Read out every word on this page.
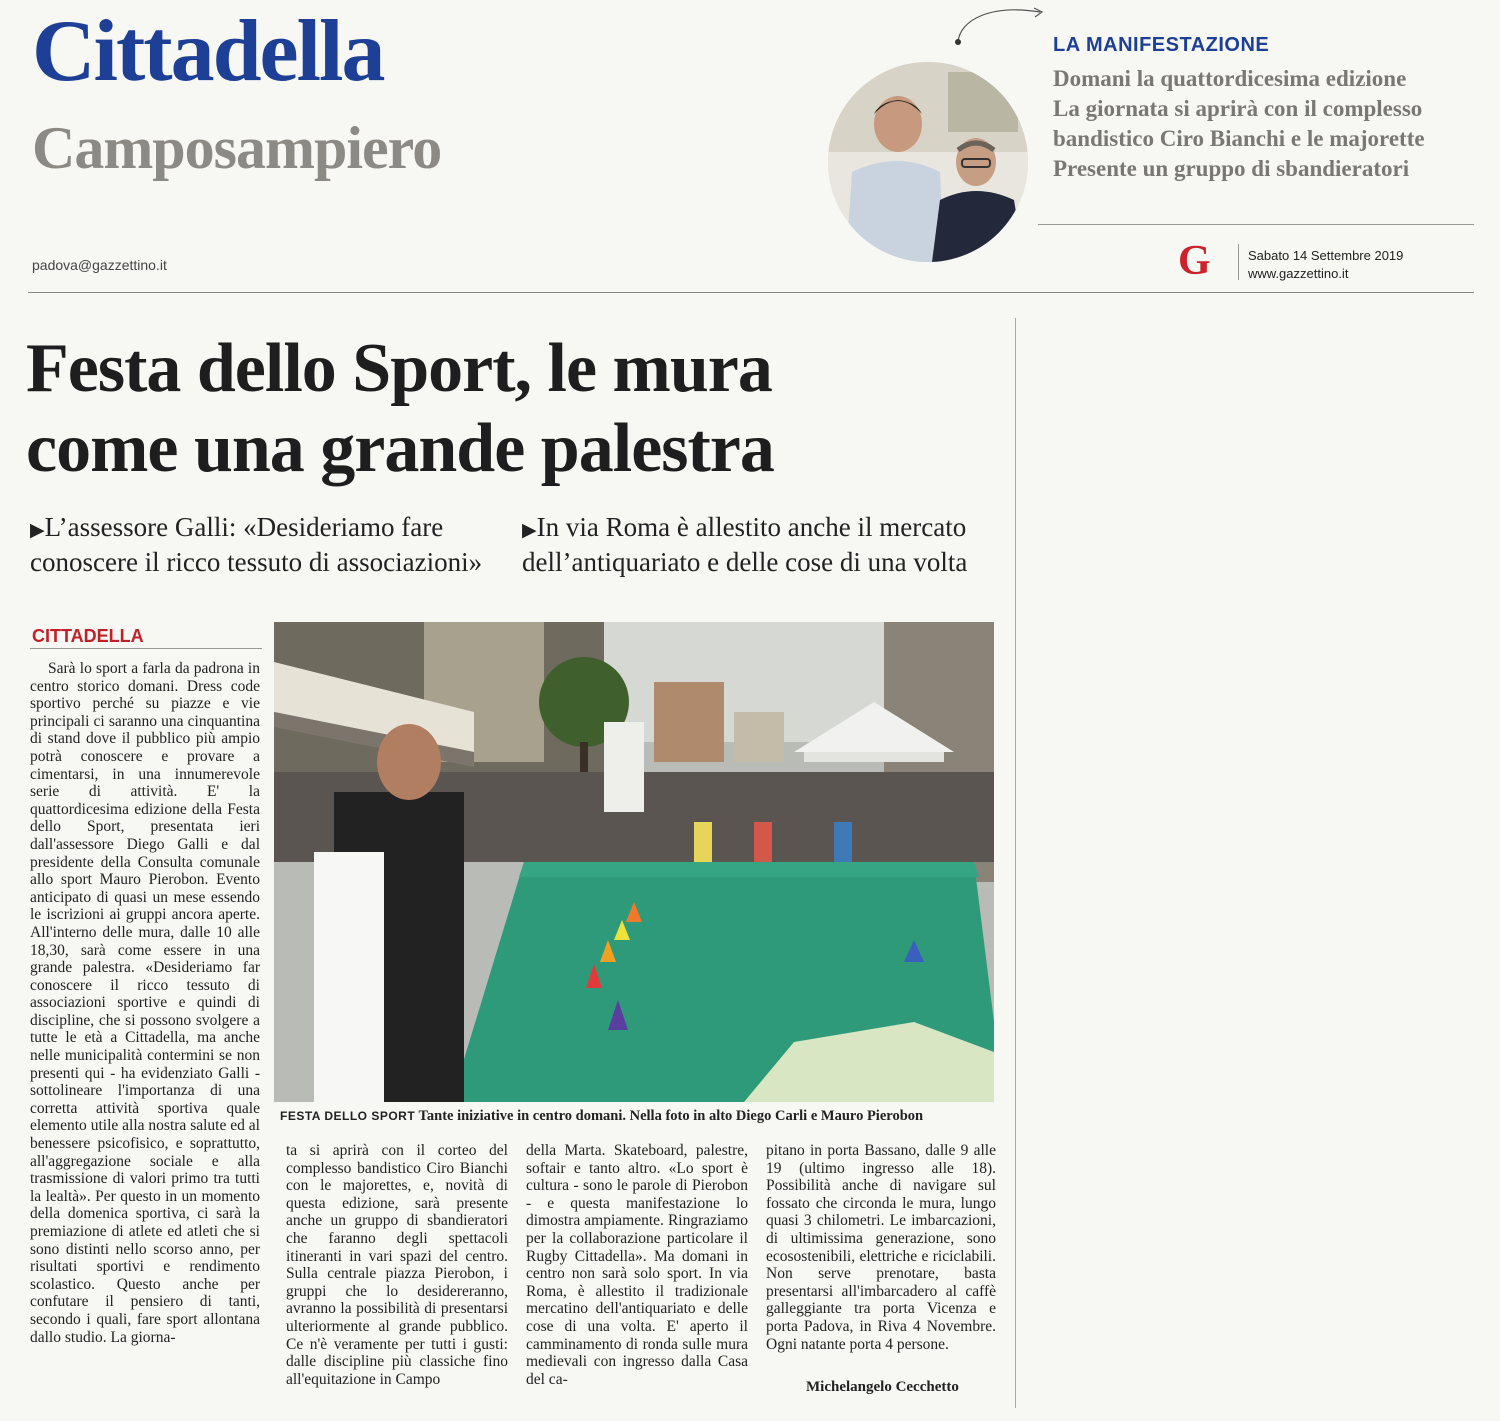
Cittadella
Camposampiero
padova@gazzettino.it
LA MANIFESTAZIONE
Domani la quattordicesima edizione
La giornata si aprirà con il complesso
bandistico Ciro Bianchi e le majorette
Presente un gruppo di sbandieratori
G	Sabato 14 Settembre 2019
www.gazzettino.it
Festa dello Sport, le mura
come una grande palestra
▶L’assessore Galli: «Desideriamo fare
conoscere il ricco tessuto di associazioni»
▶In via Roma è allestito anche il mercato
dell’antiquariato e delle cose di una volta
CITTADELLA

Sarà lo sport a farla da padrona in centro storico domani. Dress code sportivo perché su piazze e vie principali ci saranno una cinquantina di stand dove il pubblico più ampio potrà conoscere e provare a cimentarsi, in una innumerevole serie di attività. E' la quattordicesima edizione della Festa dello Sport, presentata ieri dall'assessore Diego Galli e dal presidente della Consulta comunale allo sport Mauro Pierobon. Evento anticipato di quasi un mese essendo le iscrizioni ai gruppi ancora aperte. All'interno delle mura, dalle 10 alle 18,30, sarà come essere in una grande palestra. «Desideriamo far conoscere il ricco tessuto di associazioni sportive e quindi di discipline, che si possono svolgere a tutte le età a Cittadella, ma anche nelle municipalità contermini se non presenti qui - ha evidenziato Galli - sottolineare l'importanza di una corretta attività sportiva quale elemento utile alla nostra salute ed al benessere psicofisico, e soprattutto, all'aggregazione sociale e alla trasmissione di valori primo tra tutti la lealtà». Per questo in un momento della domenica sportiva, ci sarà la premiazione di atlete ed atleti che si sono distinti nello scorso anno, per risultati sportivi e rendimento scolastico. Questo anche per confutare il pensiero di tanti, secondo i quali, fare sport allontana dallo studio. La giorna-

ta si aprirà con il corteo del complesso bandistico Ciro Bianchi con le majorettes, e, novità di questa edizione, sarà presente anche un gruppo di sbandieratori che faranno degli spettacoli itineranti in vari spazi del centro. Sulla centrale piazza Pierobon, i gruppi che lo desidereranno, avranno la possibilità di presentarsi ulteriormente al grande pubblico. Ce n'è veramente per tutti i gusti: dalle discipline più classiche fino all'equitazione in Campo

della Marta. Skateboard, palestre, softair e tanto altro. «Lo sport è cultura - sono le parole di Pierobon - e questa manifestazione lo dimostra ampiamente. Ringraziamo per la collaborazione particolare il Rugby Cittadella». Ma domani in centro non sarà solo sport. In via Roma, è allestito il tradizionale mercatino dell'antiquariato e delle cose di una volta. E' aperto il camminamento di ronda sulle mura medievali con ingresso dalla Casa del ca-

pitano in porta Bassano, dalle 9 alle 19 (ultimo ingresso alle 18). Possibilità anche di navigare sul fossato che circonda le mura, lungo quasi 3 chilometri. Le imbarcazioni, di ultimissima generazione, sono ecosostenibili, elettriche e riciclabili. Non serve prenotare, basta presentarsi all'imbarcadero al caffè galleggiante tra porta Vicenza e porta Padova, in Riva 4 Novembre. Ogni natante porta 4 persone.

FESTA DELLO SPORT Tante iniziative in centro domani. Nella foto in alto Diego Carli e Mauro Pierobon
Michelangelo Cecchetto
